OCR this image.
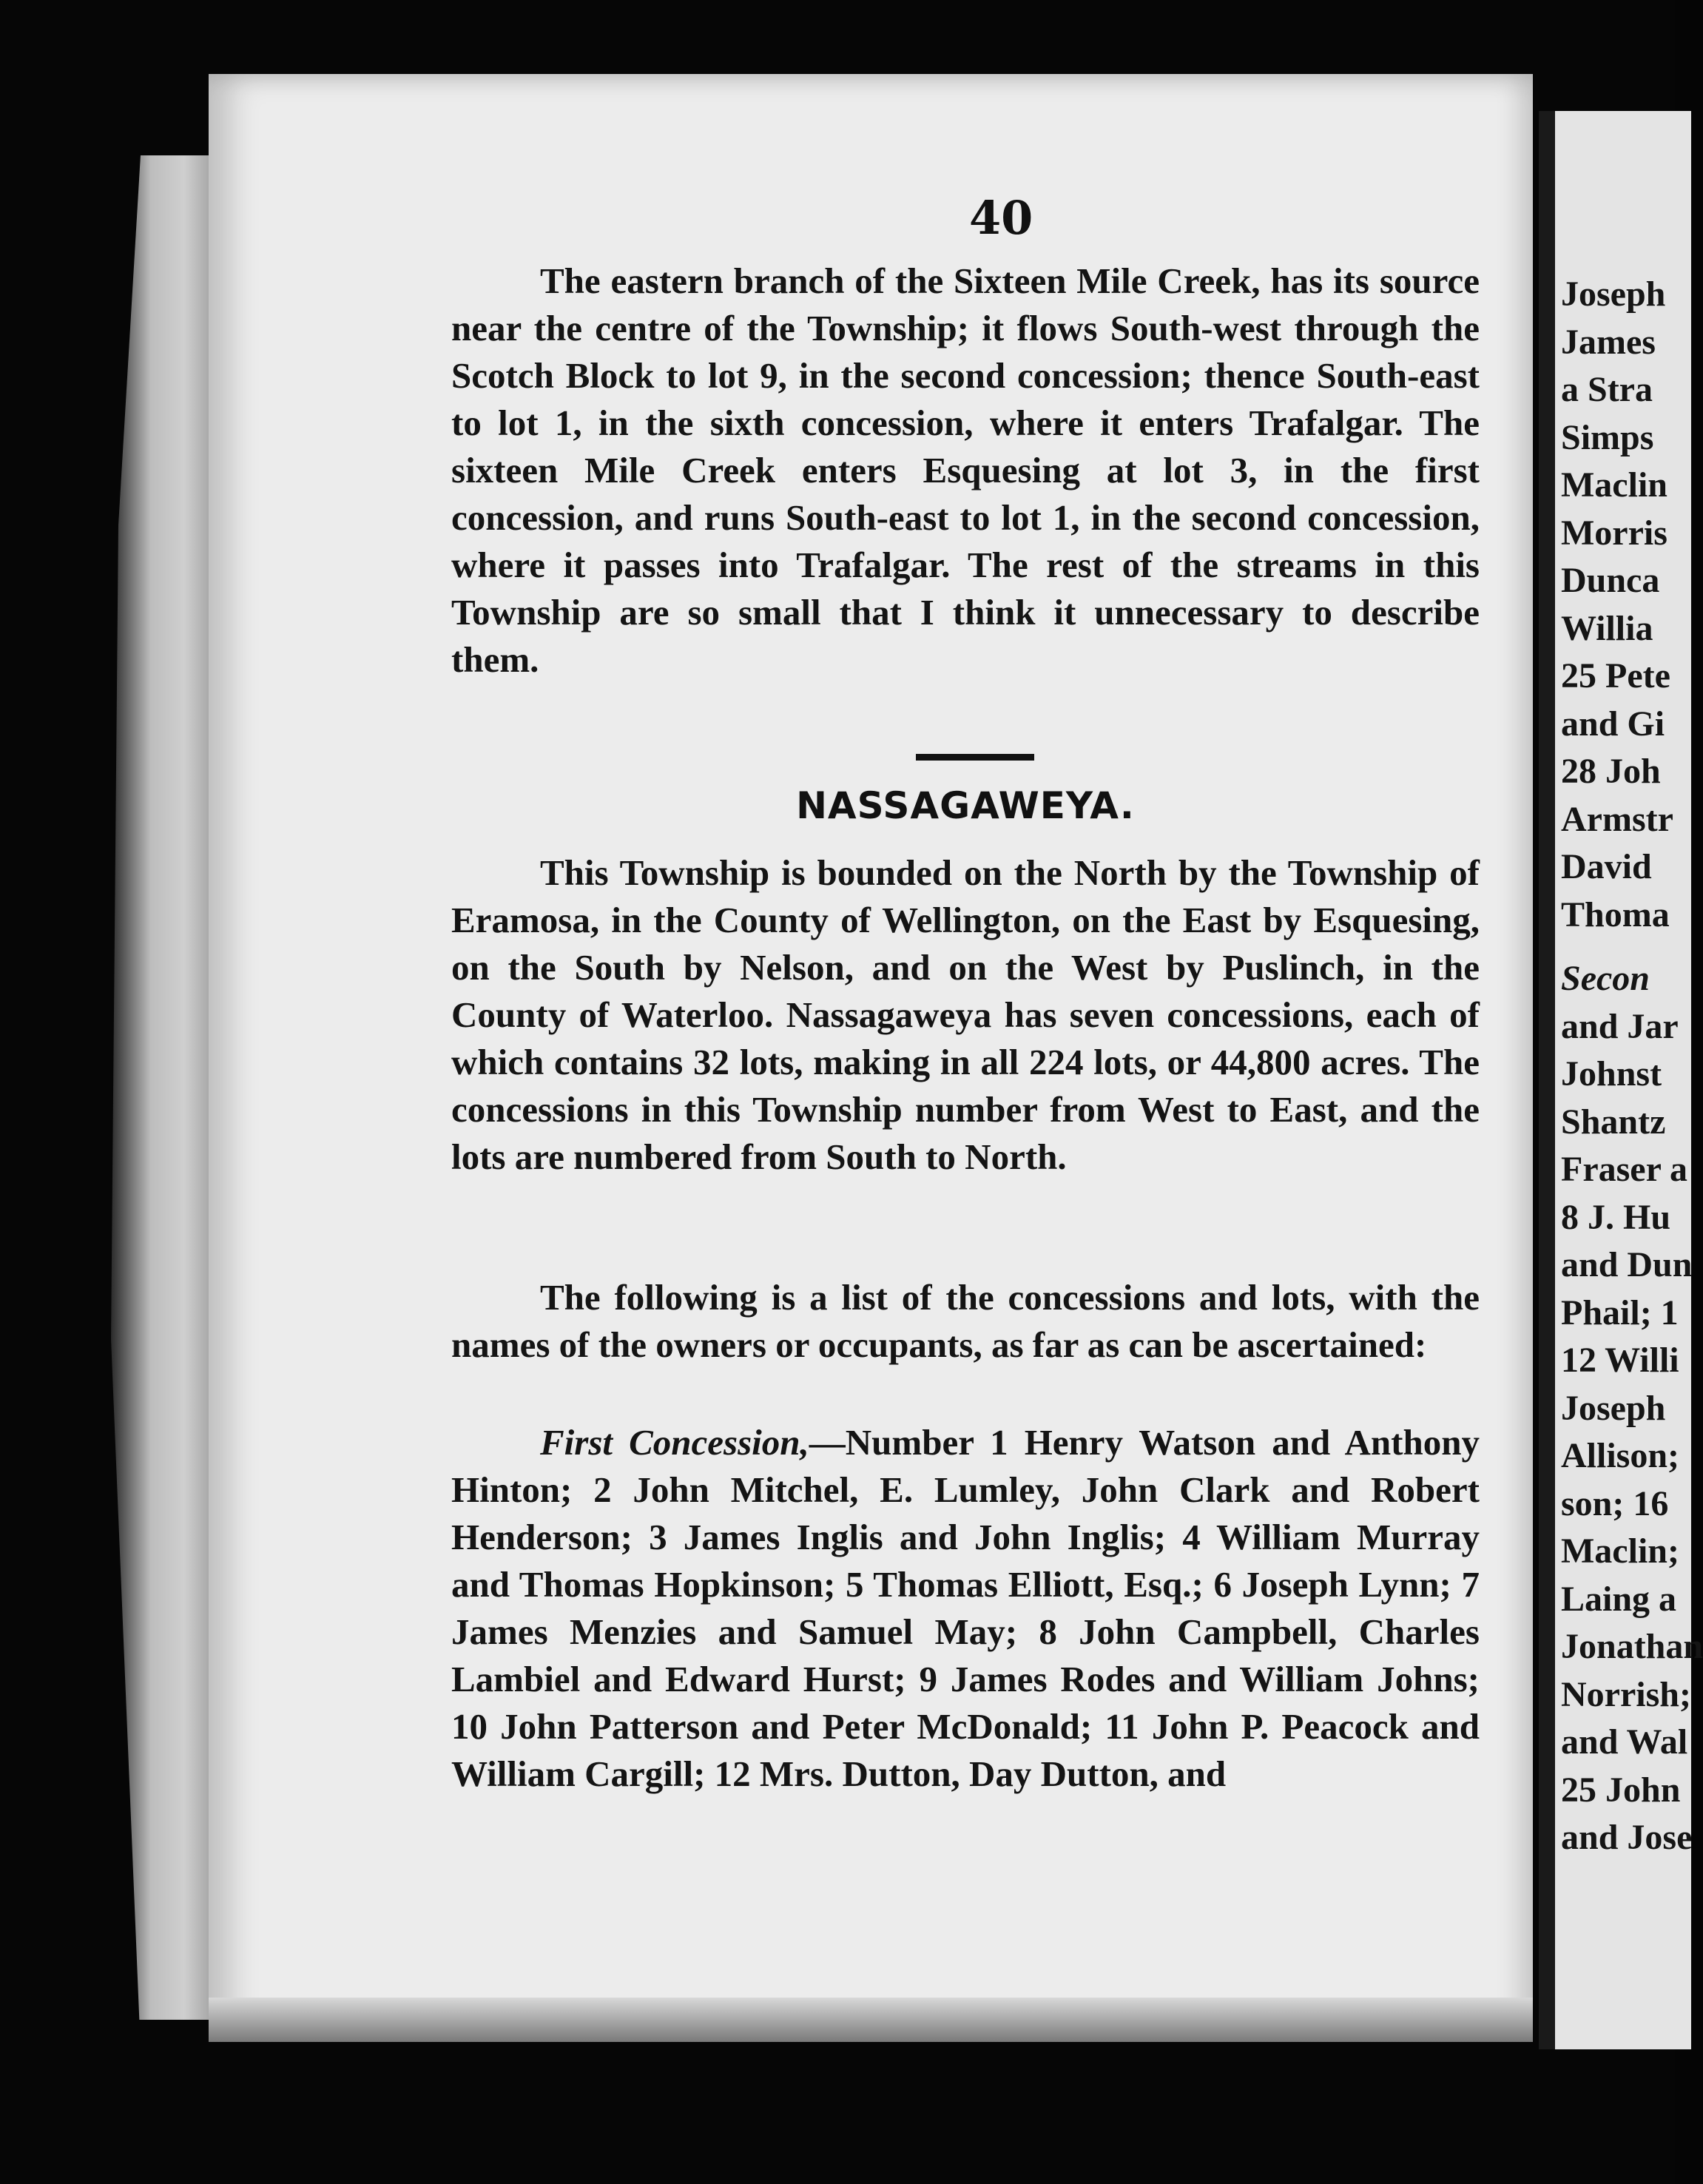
40

The eastern branch of the Sixteen Mile Creek, has its source near the centre of the Township; it flows South-west through the Scotch Block to lot 9, in the second concession; thence South-east to lot 1, in the sixth concession, where it enters Trafalgar. The sixteen Mile Creek enters Esquesing at lot 3, in the first concession, and runs South-east to lot 1, in the second concession, where it passes into Trafalgar. The rest of the streams in this Township are so small that I think it unnecessary to describe them.

NASSAGAWEYA.

This Township is bounded on the North by the Township of Eramosa, in the County of Wellington, on the East by Esquesing, on the South by Nelson, and on the West by Puslinch, in the County of Waterloo. Nassagaweya has seven concessions, each of which contains 32 lots, making in all 224 lots, or 44,800 acres. The concessions in this Township number from West to East, and the lots are numbered from South to North.

The following is a list of the concessions and lots, with the names of the owners or occupants, as far as can be ascertained:

First Concession,—Number 1 Henry Watson and Anthony Hinton; 2 John Mitchel, E. Lumley, John Clark and Robert Henderson; 3 James Inglis and John Inglis; 4 William Murray and Thomas Hopkinson; 5 Thomas Elliott, Esq.; 6 Joseph Lynn; 7 James Menzies and Samuel May; 8 John Campbell, Charles Lambiel and Edward Hurst; 9 James Rodes and William Johns; 10 John Patterson and Peter McDonald; 11 John P. Peacock and William Cargill; 12 Mrs. Dutton, Day Dutton, and

Joseph
James
a Stra
Simps
Maclin
Morris
Dunca
Willia
25 Pete
and Gi
28 Joh
Armstr
David
Thoma
Secon
and Jar
Johnst
Shantz
Fraser a
8 J. Hu
and Dun
Phail; 1
12 Willi
Joseph
Allison;
son; 16
Maclin;
Laing a
Jonathan
Norrish;
and Wal
25 John
and Jose
